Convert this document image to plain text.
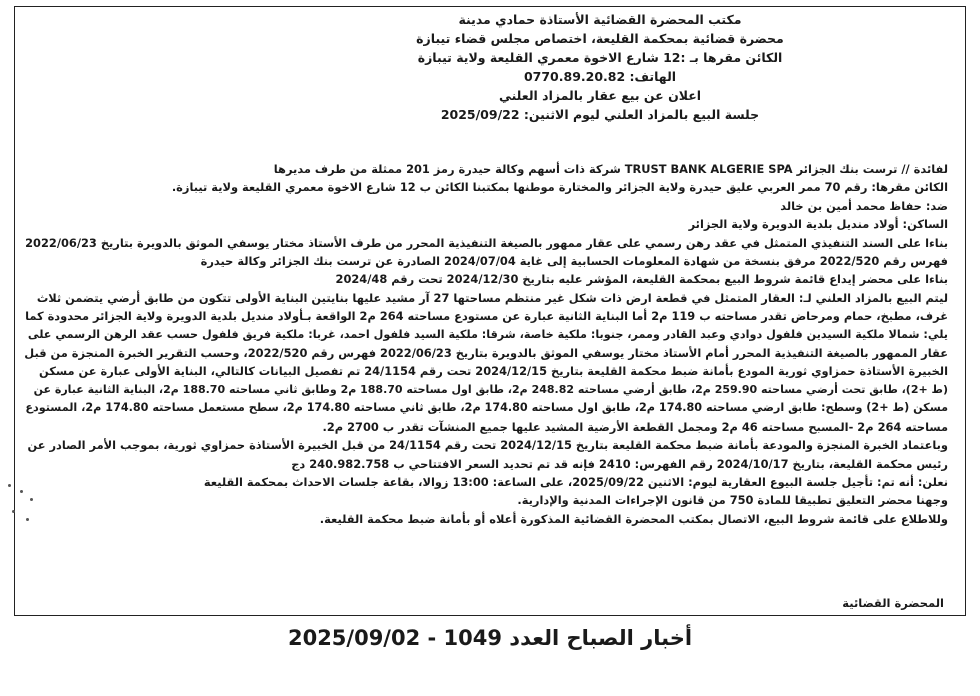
مكتب المحضرة القضائية الأستاذة حمادي مدينة
محضرة قضائية بمحكمة القليعة، اختصاص مجلس قضاء تيبازة
الكائن مقرها بـ :12 شارع الاخوة معمري القليعة ولاية تيبازة
الهاتف: 0770.89.20.82
اعلان عن بيع عقار بالمزاد العلني
جلسة البيع بالمزاد العلني ليوم الاثنين: 2025/09/22
لفائدة // ترست بنك الجزائر TRUST BANK ALGERIE SPA شركة ذات أسهم وكالة حيدرة رمز 201 ممثلة من طرف مديرها
الكائن مقرها: رقم 70 ممر العربي عليق حيدرة ولاية الجزائر والمختارة موطنها بمكتبنا الكائن ب 12 شارع الاخوة معمري القليعة ولاية تيبازة.
ضد: حفاظ محمد أمين بن خالد
الساكن: أولاد منديل بلدية الدويرة ولاية الجزائر
بناءا على السند التنفيذي المتمثل في عقد رهن رسمي على عقار ممهور بالصيغة التنفيذية المحرر من طرف الأستاذ مختار يوسفي الموثق بالدويرة بتاريخ 2022/06/23
فهرس رقم 2022/520 مرفق بنسخة من شهادة المعلومات الحسابية إلى غاية 2024/07/04 الصادرة عن ترست بنك الجزائر وكالة حيدرة
بناءا على محضر إيداع قائمة شروط البيع بمحكمة القليعة، المؤشر عليه بتاريخ 2024/12/30 تحت رقم 2024/48
ليتم البيع بالمزاد العلني لـ: العقار المتمثل في قطعة ارض ذات شكل غير منتظم مساحتها 27 آر مشيد عليها بنايتين البناية الأولى تتكون من طابق أرضي يتضمن ثلاث
غرف، مطبخ، حمام ومرحاض تقدر مساحته ب 119 م2 أما البناية الثانية عبارة عن مستودع مساحته 264 م2 الواقعة بـأولاد منديل بلدية الدويرة ولاية الجزائر محدودة كما
يلي: شمالا ملكية السيدين فلفول دوادي وعبد القادر وممر، جنوبا: ملكية خاصة، شرقا: ملكية السيد فلفول احمد، غربا: ملكية فريق فلفول حسب عقد الرهن الرسمي على
عقار الممهور بالصيغة التنفيذية المحرر أمام الأستاذ مختار يوسفي الموثق بالدويرة بتاريخ 2022/06/23 فهرس رقم 2022/520، وحسب التقرير الخبرة المنجزة من قبل
الخبيرة الأستاذة حمزاوي ثورية المودع بأمانة ضبط محكمة القليعة بتاريخ 2024/12/15 تحت رقم 24/1154 تم تفصيل البيانات كالتالي، البناية الأولى عبارة عن مسكن
(ط +2)، طابق تحت أرضي مساحته 259.90 م2، طابق أرضي مساحته 248.82 م2، طابق اول مساحته 188.70 م2 وطابق ثاني مساحته 188.70 م2، البناية الثانية عبارة عن
مسكن (ط +2) وسطح: طابق ارضي مساحته 174.80 م2، طابق اول مساحته 174.80 م2، طابق ثاني مساحته 174.80 م2، سطح مستعمل مساحته 174.80 م2، المستودع
مساحته 264 م2 -المسبح مساحته 46 م2 ومجمل القطعة الأرضية المشيد عليها جميع المنشآت تقدر ب 2700 م2.
وباعتماد الخبرة المنجزة والمودعة بأمانة ضبط محكمة القليعة بتاريخ 2024/12/15 تحت رقم 24/1154 من قبل الخبيرة الأستاذة حمزاوي ثورية، بموجب الأمر الصادر عن
رئيس محكمة القليعة، بتاريخ 2024/10/17 رقم الفهرس: 2410 فإنه قد تم تحديد السعر الافتتاحي ب 240.982.758 دج
نعلن: أنه تم: تأجيل جلسة البيوع العقارية ليوم: الاثنين 2025/09/22، على الساعة: 13:00 زوالا، بقاعة جلسات الاحداث بمحكمة القليعة
وجهنا محضر التعليق تطبيقا للمادة 750 من قانون الإجراءات المدنية والإدارية.
وللاطلاع على قائمة شروط البيع، الاتصال بمكتب المحضرة القضائية المذكورة أعلاه أو بأمانة ضبط محكمة القليعة.
المحضرة القضائية
أخبار الصباح العدد 1049 - 2025/09/02
